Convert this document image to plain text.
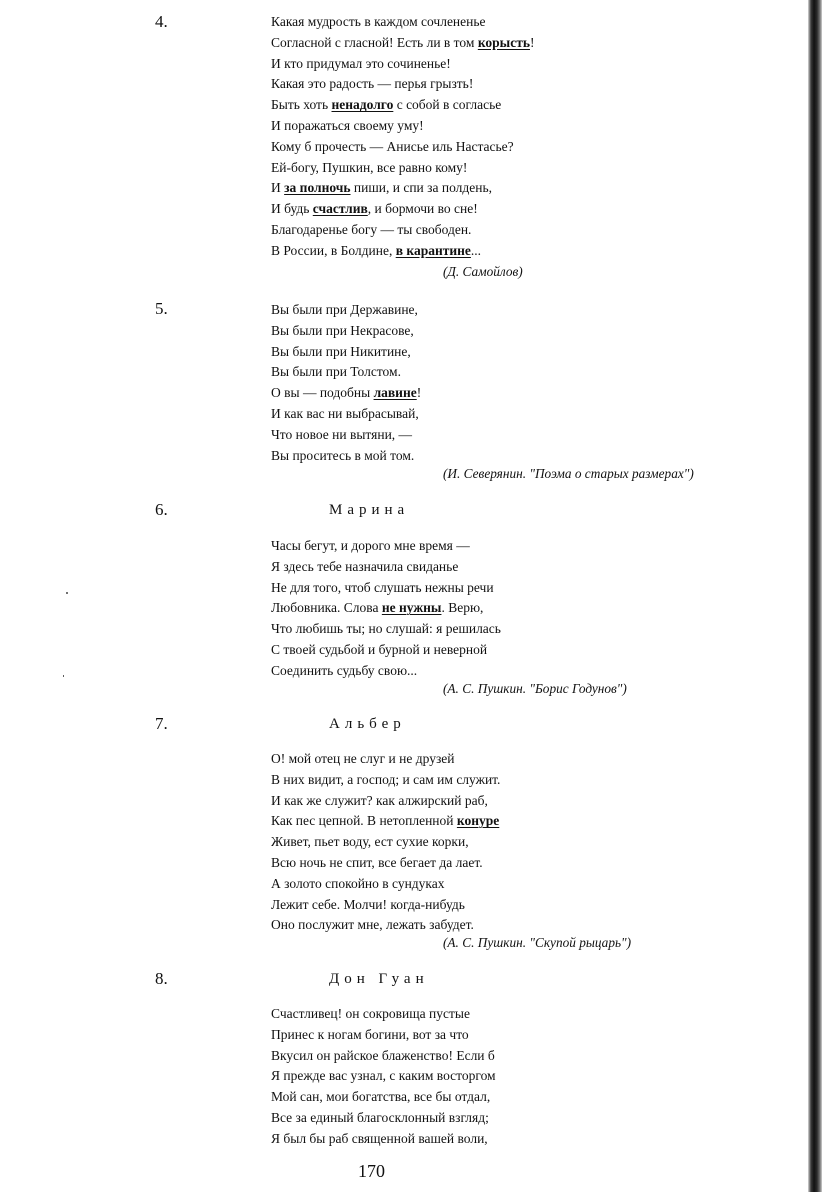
4.	Какая мудрость в каждом сочлененье
Согласной с гласной! Есть ли в том корысть!
И кто придумал это сочиненье!
Какая это радость — перья грызть!
Быть хоть ненадолго с собой в согласье
И поражаться своему уму!
Кому б прочесть — Анисье иль Настасье?
Ей-богу, Пушкин, все равно кому!
И за полночь пиши, и спи за полдень,
И будь счастлив, и бормочи во сне!
Благодаренье богу — ты свободен.
В России, в Болдине, в карантине...
(Д. Самойлов)
5.	Вы были при Державине,
Вы были при Некрасове,
Вы были при Никитине,
Вы были при Толстом.
О вы — подобны лавине!
И как вас ни выбрасывай,
Что новое ни вытяни, —
Вы проситесь в мой том.
(И. Северянин. "Поэма о старых размерах")
6.	Марина
Часы бегут, и дорого мне время —
Я здесь тебе назначила свиданье
Не для того, чтоб слушать нежны речи
Любовника. Слова не нужны. Верю,
Что любишь ты; но слушай: я решилась
С твоей судьбой и бурной и неверной
Соединить судьбу свою...
(А. С. Пушкин. "Борис Годунов")
7.	Альбер
О! мой отец не слуг и не друзей
В них видит, а господ; и сам им служит.
И как же служит? как алжирский раб,
Как пес цепной. В нетопленной конуре
Живет, пьет воду, ест сухие корки,
Всю ночь не спит, все бегает да лает.
А золото спокойно в сундуках
Лежит себе. Молчи! когда-нибудь
Оно послужит мне, лежать забудет.
(А. С. Пушкин. "Скупой рыцарь")
8.	Дон Гуан
Счастливец! он сокровища пустые
Принес к ногам богини, вот за что
Вкусил он райское блаженство! Если б
Я прежде вас узнал, с каким восторгом
Мой сан, мои богатства, все бы отдал,
Все за единый благосклонный взгляд;
Я был бы раб священной вашей воли,
170
